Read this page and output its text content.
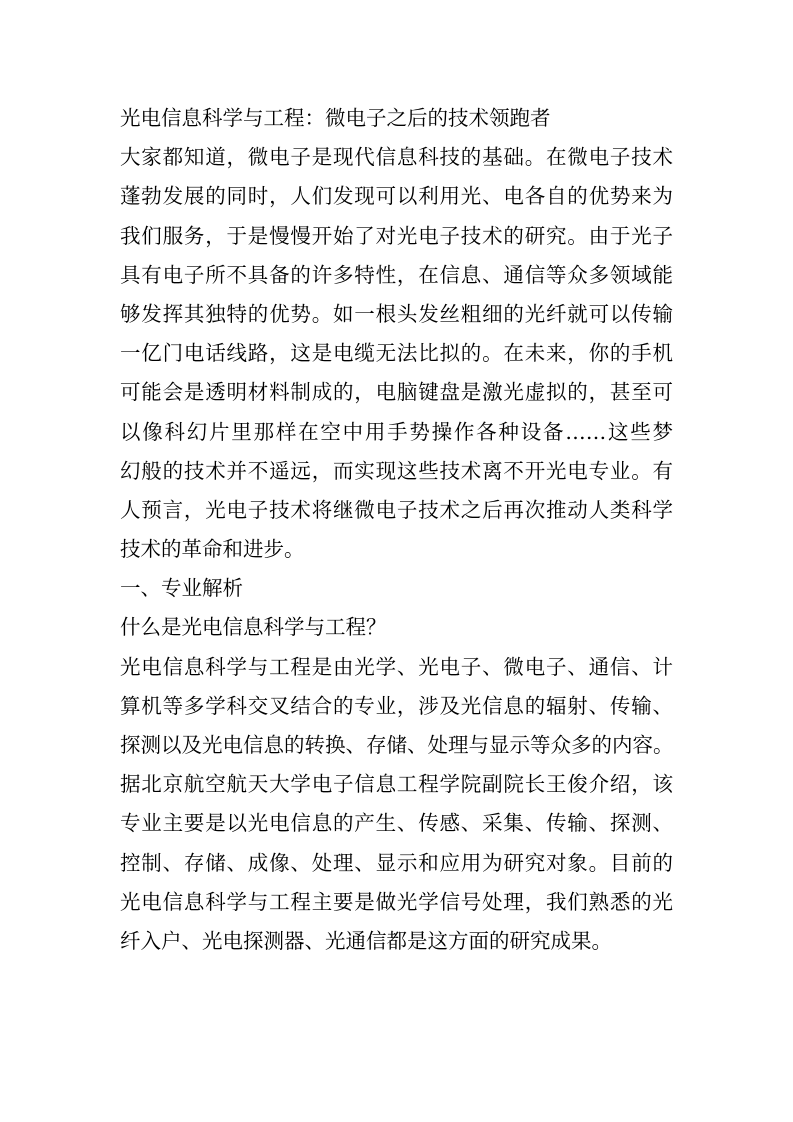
光电信息科学与工程：微电子之后的技术领跑者
大家都知道，微电子是现代信息科技的基础。在微电子技术
蓬勃发展的同时，人们发现可以利用光、电各自的优势来为
我们服务，于是慢慢开始了对光电子技术的研究。由于光子
具有电子所不具备的许多特性，在信息、通信等众多领域能
够发挥其独特的优势。如一根头发丝粗细的光纤就可以传输
一亿门电话线路，这是电缆无法比拟的。在未来，你的手机
可能会是透明材料制成的，电脑键盘是激光虚拟的，甚至可
以像科幻片里那样在空中用手势操作各种设备……这些梦
幻般的技术并不遥远，而实现这些技术离不开光电专业。有
人预言，光电子技术将继微电子技术之后再次推动人类科学
技术的革命和进步。
一、专业解析
什么是光电信息科学与工程？
光电信息科学与工程是由光学、光电子、微电子、通信、计
算机等多学科交叉结合的专业，涉及光信息的辐射、传输、
探测以及光电信息的转换、存储、处理与显示等众多的内容。
据北京航空航天大学电子信息工程学院副院长王俊介绍，该
专业主要是以光电信息的产生、传感、采集、传输、探测、
控制、存储、成像、处理、显示和应用为研究对象。目前的
光电信息科学与工程主要是做光学信号处理，我们熟悉的光
纤入户、光电探测器、光通信都是这方面的研究成果。
